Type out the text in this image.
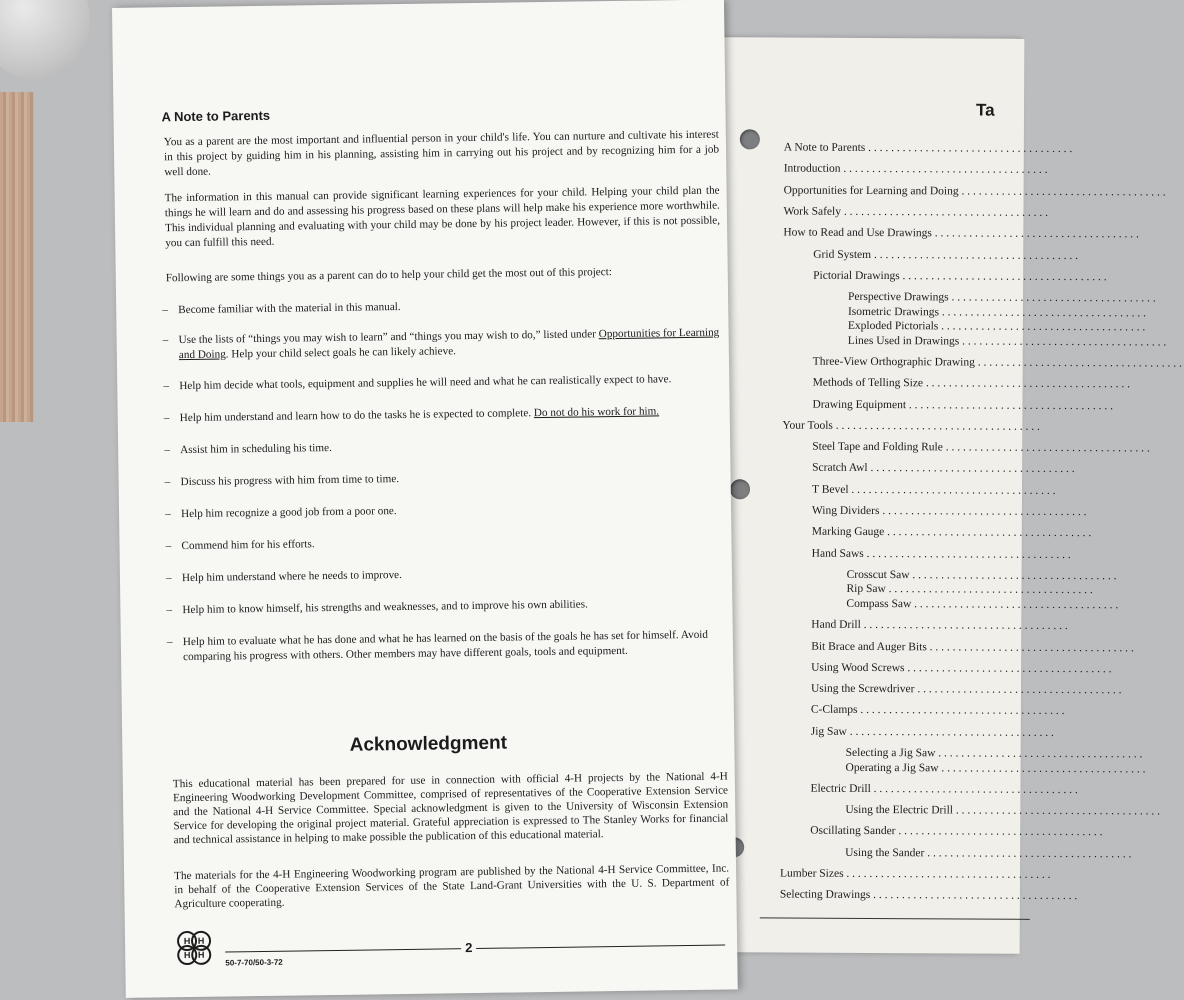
Ta
A Note to Parents . . . . . . . . . . . . . . . . . . . . . . . . . . . . . . . . . . . .
Introduction . . . . . . . . . . . . . . . . . . . . . . . . . . . . . . . . . . . .
Opportunities for Learning and Doing . . . . . . . . . . . . . . . . . . . . . . . . . . . . . . . . . . . .
Work Safely . . . . . . . . . . . . . . . . . . . . . . . . . . . . . . . . . . . .
How to Read and Use Drawings . . . . . . . . . . . . . . . . . . . . . . . . . . . . . . . . . . . .
Grid System . . . . . . . . . . . . . . . . . . . . . . . . . . . . . . . . . . . .
Pictorial Drawings . . . . . . . . . . . . . . . . . . . . . . . . . . . . . . . . . . . .
Perspective Drawings . . . . . . . . . . . . . . . . . . . . . . . . . . . . . . . . . . . .
Isometric Drawings . . . . . . . . . . . . . . . . . . . . . . . . . . . . . . . . . . . .
Exploded Pictorials . . . . . . . . . . . . . . . . . . . . . . . . . . . . . . . . . . . .
Lines Used in Drawings . . . . . . . . . . . . . . . . . . . . . . . . . . . . . . . . . . . .
Three-View Orthographic Drawing . . . . . . . . . . . . . . . . . . . . . . . . . . . . . . . . . . . .
Methods of Telling Size . . . . . . . . . . . . . . . . . . . . . . . . . . . . . . . . . . . .
Drawing Equipment . . . . . . . . . . . . . . . . . . . . . . . . . . . . . . . . . . . .
Your Tools . . . . . . . . . . . . . . . . . . . . . . . . . . . . . . . . . . . .
Steel Tape and Folding Rule . . . . . . . . . . . . . . . . . . . . . . . . . . . . . . . . . . . .
Scratch Awl . . . . . . . . . . . . . . . . . . . . . . . . . . . . . . . . . . . .
T Bevel . . . . . . . . . . . . . . . . . . . . . . . . . . . . . . . . . . . .
Wing Dividers . . . . . . . . . . . . . . . . . . . . . . . . . . . . . . . . . . . .
Marking Gauge . . . . . . . . . . . . . . . . . . . . . . . . . . . . . . . . . . . .
Hand Saws . . . . . . . . . . . . . . . . . . . . . . . . . . . . . . . . . . . .
Crosscut Saw . . . . . . . . . . . . . . . . . . . . . . . . . . . . . . . . . . . .
Rip Saw . . . . . . . . . . . . . . . . . . . . . . . . . . . . . . . . . . . .
Compass Saw . . . . . . . . . . . . . . . . . . . . . . . . . . . . . . . . . . . .
Hand Drill . . . . . . . . . . . . . . . . . . . . . . . . . . . . . . . . . . . .
Bit Brace and Auger Bits . . . . . . . . . . . . . . . . . . . . . . . . . . . . . . . . . . . .
Using Wood Screws . . . . . . . . . . . . . . . . . . . . . . . . . . . . . . . . . . . .
Using the Screwdriver . . . . . . . . . . . . . . . . . . . . . . . . . . . . . . . . . . . .
C-Clamps . . . . . . . . . . . . . . . . . . . . . . . . . . . . . . . . . . . .
Jig Saw . . . . . . . . . . . . . . . . . . . . . . . . . . . . . . . . . . . .
Selecting a Jig Saw . . . . . . . . . . . . . . . . . . . . . . . . . . . . . . . . . . . .
Operating a Jig Saw . . . . . . . . . . . . . . . . . . . . . . . . . . . . . . . . . . . .
Electric Drill . . . . . . . . . . . . . . . . . . . . . . . . . . . . . . . . . . . .
Using the Electric Drill . . . . . . . . . . . . . . . . . . . . . . . . . . . . . . . . . . . .
Oscillating Sander . . . . . . . . . . . . . . . . . . . . . . . . . . . . . . . . . . . .
Using the Sander . . . . . . . . . . . . . . . . . . . . . . . . . . . . . . . . . . . .
Lumber Sizes . . . . . . . . . . . . . . . . . . . . . . . . . . . . . . . . . . . .
Selecting Drawings . . . . . . . . . . . . . . . . . . . . . . . . . . . . . . . . . . . .
A Note to Parents
You as a parent are the most important and influential person in your child's life. You can nurture and cultivate his interest in this project by guiding him in his planning, assisting him in carrying out his project and by recognizing him for a job well done.
The information in this manual can provide significant learning experiences for your child. Helping your child plan the things he will learn and do and assessing his progress based on these plans will help make his experience more worthwhile. This individual planning and evaluating with your child may be done by his project leader. However, if this is not possible, you can fulfill this need.
Following are some things you as a parent can do to help your child get the most out of this project:
– Become familiar with the material in this manual.
– Use the lists of “things you may wish to learn” and “things you may wish to do,” listed under Opportunities for Learning and Doing. Help your child select goals he can likely achieve.
– Help him decide what tools, equipment and supplies he will need and what he can realistically expect to have.
– Help him understand and learn how to do the tasks he is expected to complete. Do not do his work for him.
– Assist him in scheduling his time.
– Discuss his progress with him from time to time.
– Help him recognize a good job from a poor one.
– Commend him for his efforts.
– Help him understand where he needs to improve.
– Help him to know himself, his strengths and weaknesses, and to improve his own abilities.
– Help him to evaluate what he has done and what he has learned on the basis of the goals he has set for himself. Avoid comparing his progress with others. Other members may have different goals, tools and equipment.
Acknowledgment
This educational material has been prepared for use in connection with official 4-H projects by the National 4-H Engineering Woodworking Development Committee, comprised of representatives of the Cooperative Extension Service and the National 4-H Service Committee. Special acknowledgment is given to the University of Wisconsin Extension Service for developing the original project material. Grateful appreciation is expressed to The Stanley Works for financial and technical assistance in helping to make possible the publication of this educational material.
The materials for the 4-H Engineering Woodworking program are published by the National 4-H Service Committee, Inc. in behalf of the Cooperative Extension Services of the State Land-Grant Universities with the U. S. Department of Agriculture cooperating.
H H
H H	2
50-7-70/50-3-72
